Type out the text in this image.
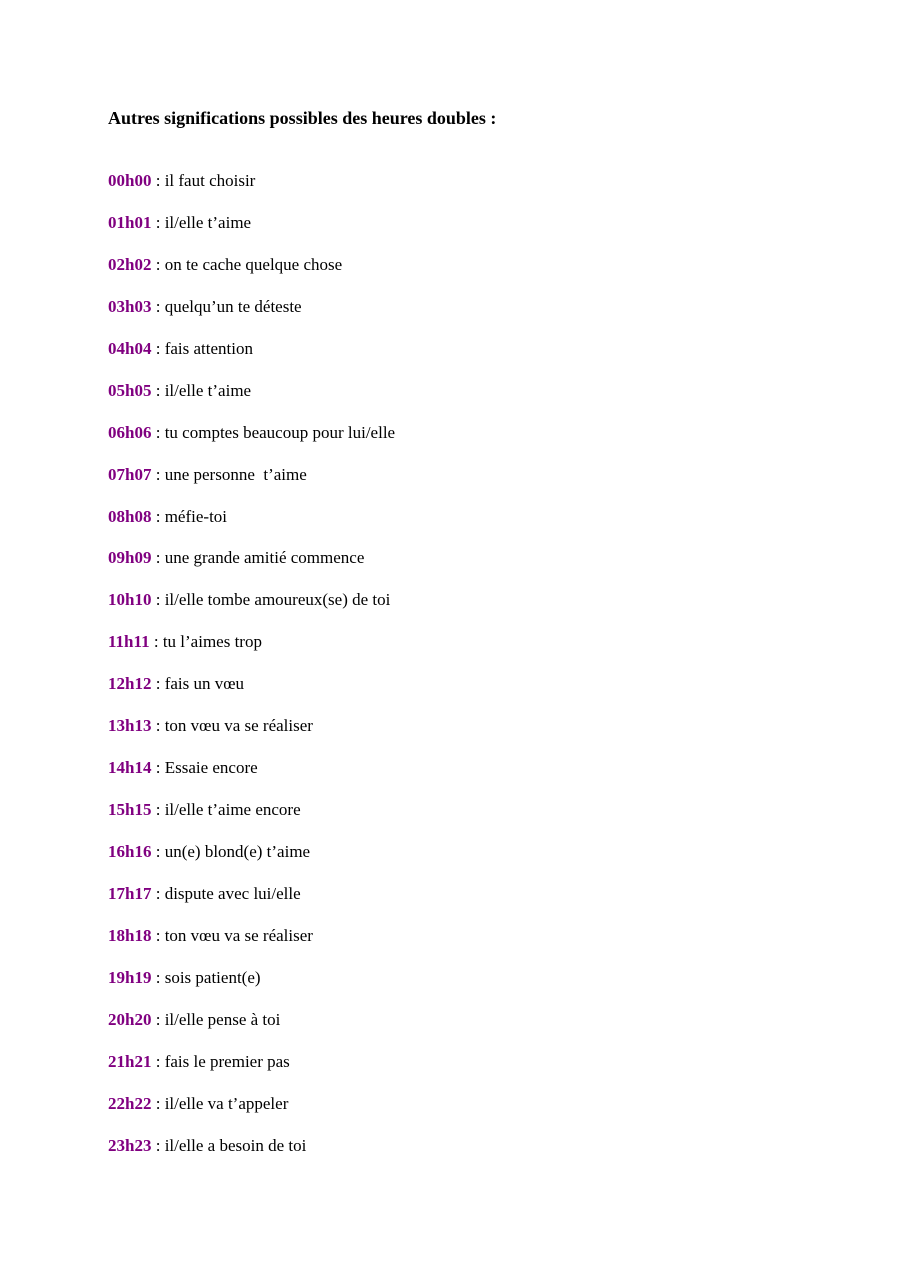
Autres significations possibles des heures doubles :
00h00 : il faut choisir
01h01 : il/elle t’aime
02h02 : on te cache quelque chose
03h03 : quelqu’un te déteste
04h04 : fais attention
05h05 : il/elle t’aime
06h06 : tu comptes beaucoup pour lui/elle
07h07 : une personne  t’aime
08h08 : méfie-toi
09h09 : une grande amitié commence
10h10 : il/elle tombe amoureux(se) de toi
11h11 : tu l’aimes trop
12h12 : fais un vœu
13h13 : ton vœu va se réaliser
14h14 : Essaie encore
15h15 : il/elle t’aime encore
16h16 : un(e) blond(e) t’aime
17h17 : dispute avec lui/elle
18h18 : ton vœu va se réaliser
19h19 : sois patient(e)
20h20 : il/elle pense à toi
21h21 : fais le premier pas
22h22 : il/elle va t’appeler
23h23 : il/elle a besoin de toi
